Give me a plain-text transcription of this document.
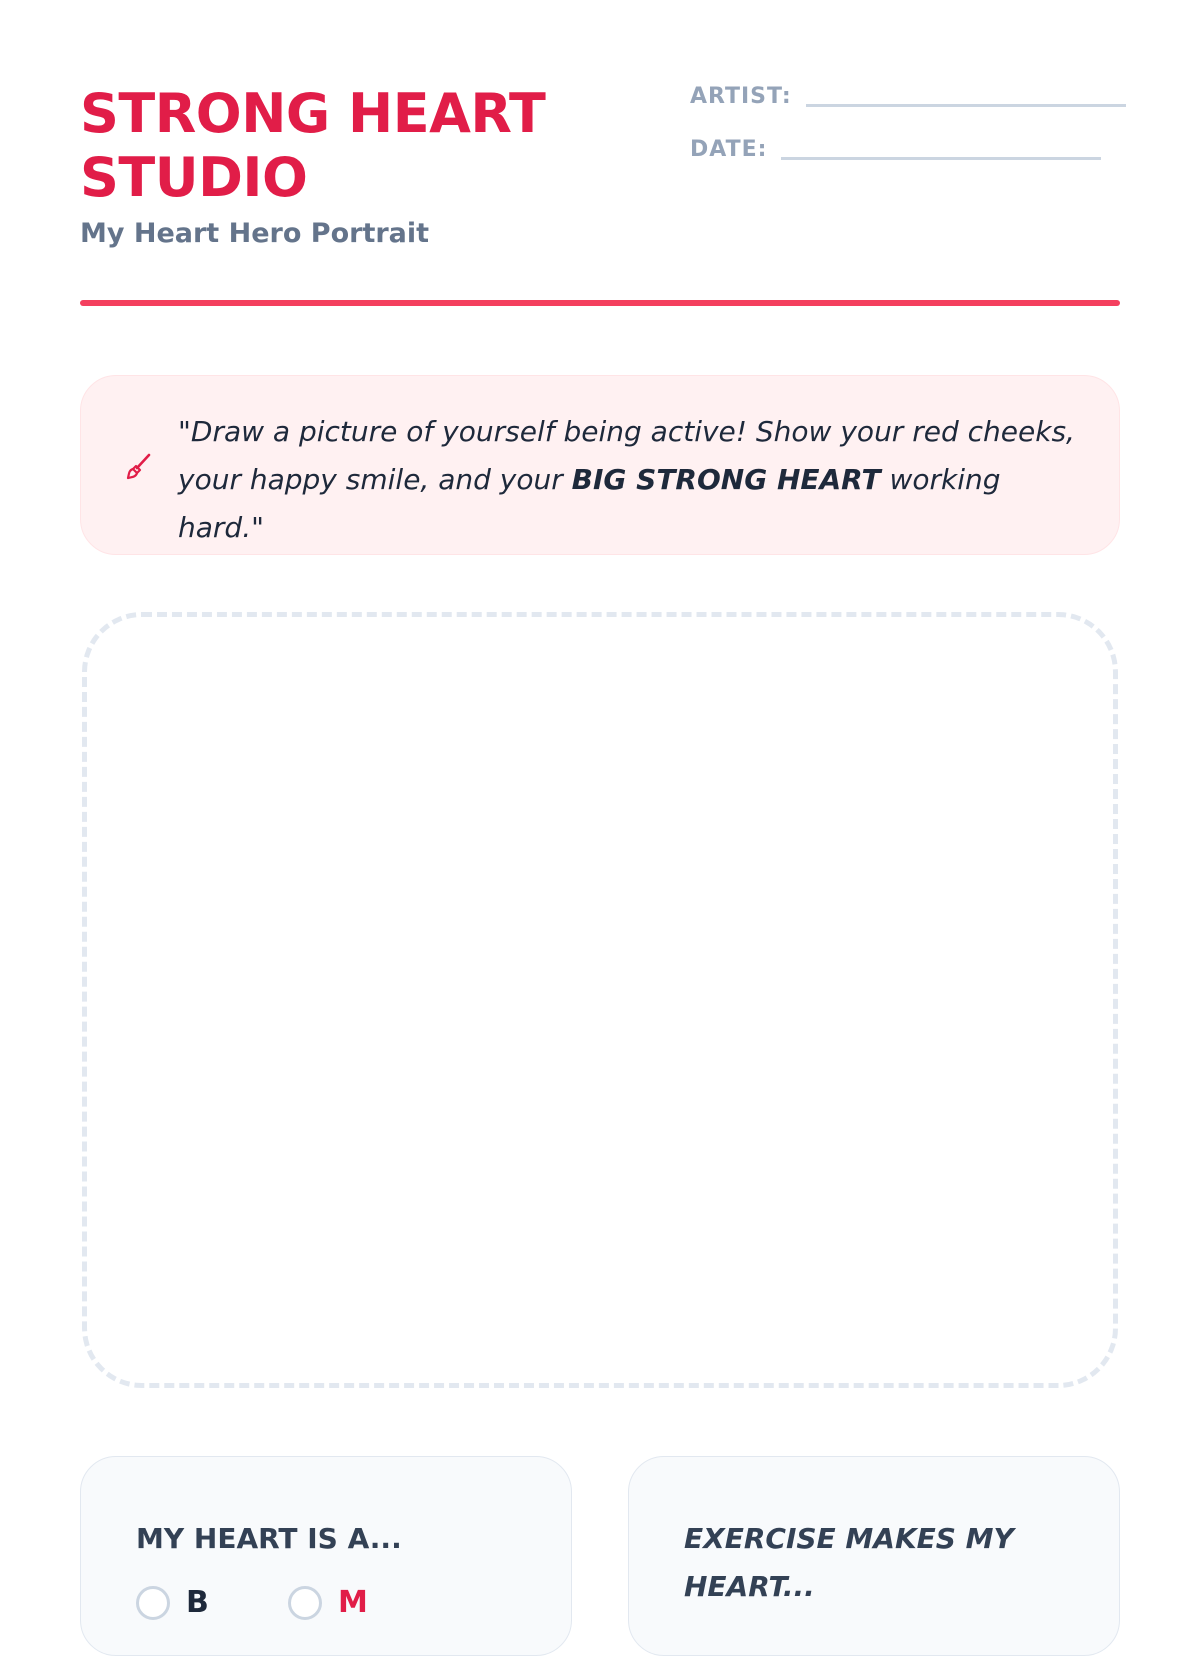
STRONG HEART STUDIO
My Heart Hero Portrait
ARTIST:
DATE:
"Draw a picture of yourself being active! Show your red cheeks, your happy smile, and your BIG STRONG HEART working hard."
MY HEART IS A...
B	M
EXERCISE MAKES MY HEART...
